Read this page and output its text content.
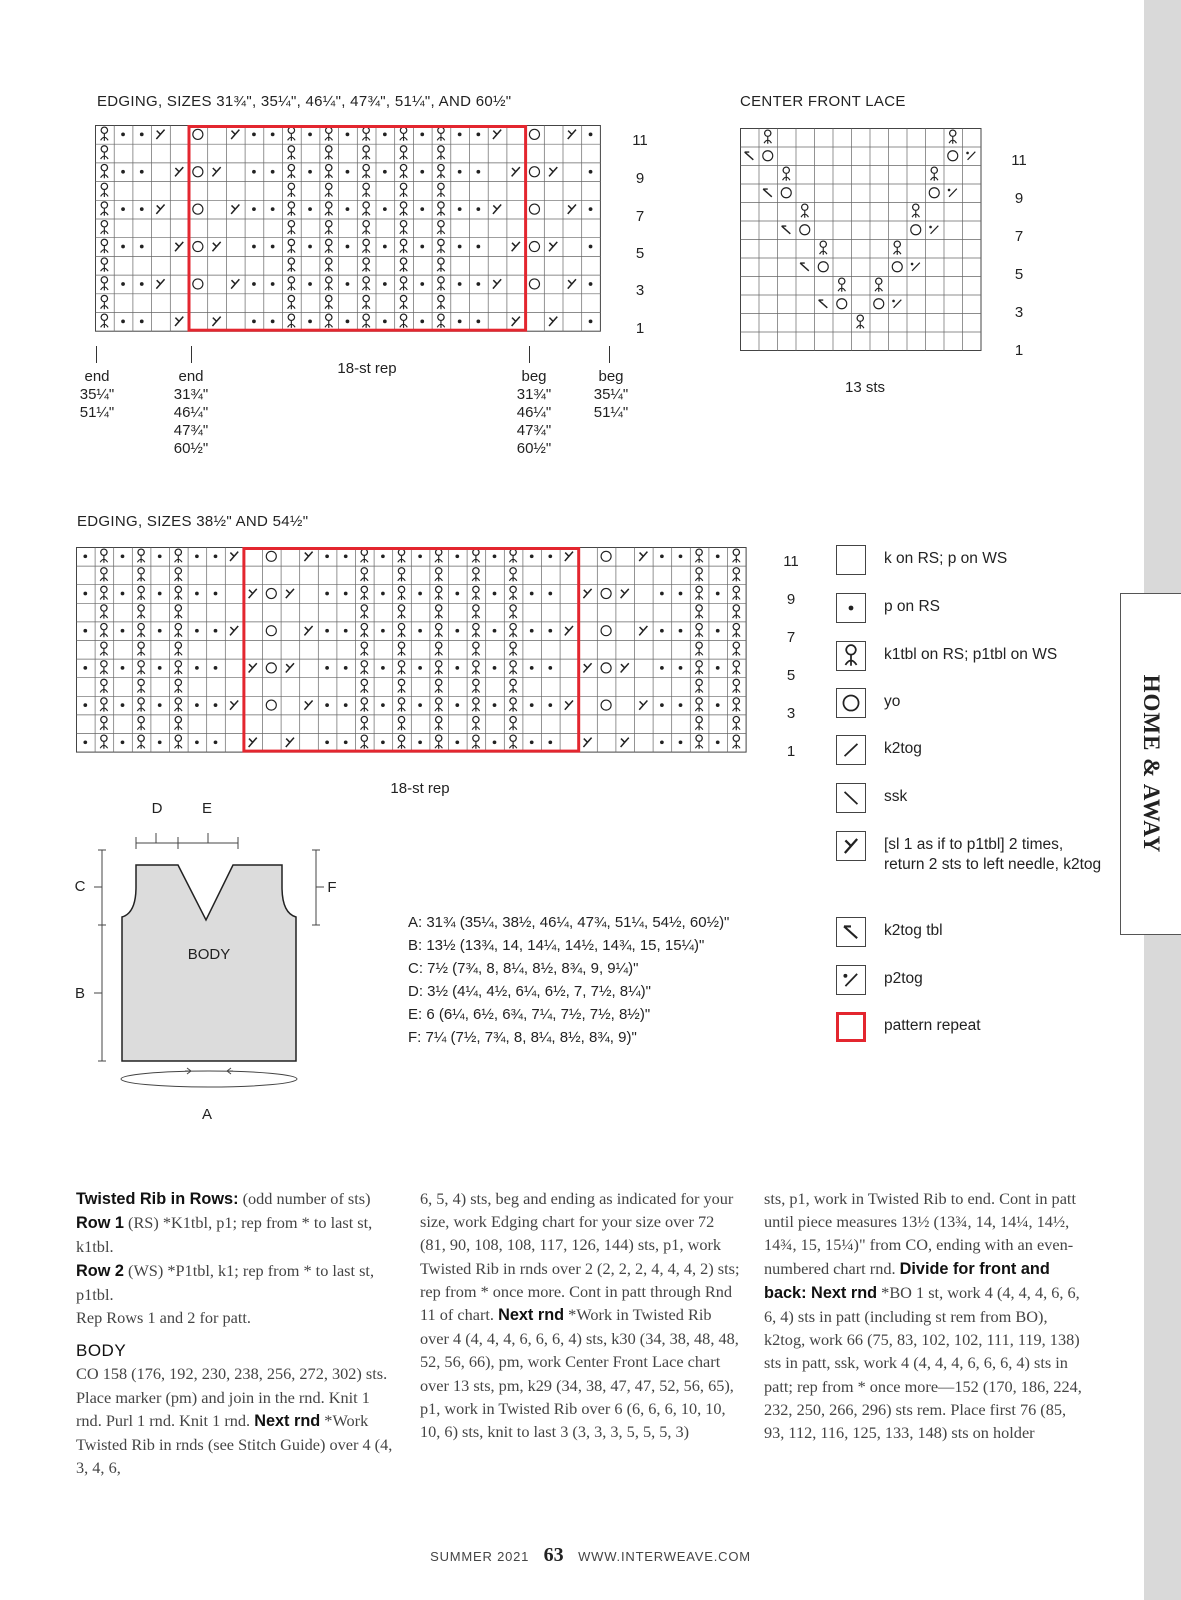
HOME & AWAY
EDGING, SIZES 31¾", 35¼", 46¼", 47¾", 51¼", AND 60½"
11
9
7
5
3
1
end
35¼"
51¼"
end
31¾"
46¼"
47¾"
60½"
18-st rep	beg
31¾"
46¼"
47¾"
60½"
beg
35¼"
51¼"
CENTER FRONT LACE
11
9
7
5
3
1
13 sts
EDGING, SIZES 38½" AND 54½"
11
9
7
5
3
1
18-st rep
k on RS; p on WS
p on RS
k1tbl on RS; p1tbl on WS
yo
k2tog
ssk
[sl 1 as if to p1tbl] 2 times, return 2 sts to left needle, k2tog
k2tog tbl
p2tog
pattern repeat
D	E
C	F
B
A
BODY
A: 31¾ (35¼, 38½, 46¼, 47¾, 51¼, 54½, 60½)"
B: 13½ (13¾, 14, 14¼, 14½, 14¾, 15, 15¼)"
C: 7½ (7¾, 8, 8¼, 8½, 8¾, 9, 9¼)"
D: 3½ (4¼, 4½, 6¼, 6½, 7, 7½, 8¼)"
E: 6 (6¼, 6½, 6¾, 7¼, 7½, 7½, 8½)"
F: 7¼ (7½, 7¾, 8, 8¼, 8½, 8¾, 9)"

Twisted Rib in Rows: (odd number of sts)

Row 1 (RS) *K1tbl, p1; rep from * to last st, k1tbl.

Row 2 (WS) *P1tbl, k1; rep from * to last st, p1tbl.

Rep Rows 1 and 2 for patt.

BODY

CO 158 (176, 192, 230, 238, 256, 272, 302) sts. Place marker (pm) and join in the rnd. Knit 1 rnd. Purl 1 rnd. Knit 1 rnd. Next rnd *Work Twisted Rib in rnds (see Stitch Guide) over 4 (4, 3, 4, 6,

6, 5, 4) sts, beg and ending as indicated for your size, work Edging chart for your size over 72 (81, 90, 108, 108, 117, 126, 144) sts, p1, work Twisted Rib in rnds over 2 (2, 2, 2, 4, 4, 4, 2) sts; rep from * once more. Cont in patt through Rnd 11 of chart. Next rnd *Work in Twisted Rib over 4 (4, 4, 4, 6, 6, 6, 4) sts, k30 (34, 38, 48, 48, 52, 56, 66), pm, work Center Front Lace chart over 13 sts, pm, k29 (34, 38, 47, 47, 52, 56, 65), p1, work in Twisted Rib over 6 (6, 6, 6, 10, 10, 10, 6) sts, knit to last 3 (3, 3, 3, 5, 5, 5, 3)

sts, p1, work in Twisted Rib to end. Cont in patt until piece measures 13½ (13¾, 14, 14¼, 14½, 14¾, 15, 15¼)" from CO, ending with an even-numbered chart rnd. Divide for front and back: Next rnd *BO 1 st, work 4 (4, 4, 4, 6, 6, 6, 4) sts in patt (including st rem from BO), k2tog, work 66 (75, 83, 102, 102, 111, 119, 138) sts in patt, ssk, work 4 (4, 4, 4, 6, 6, 6, 4) sts in patt; rep from * once more—152 (170, 186, 224, 232, 250, 266, 296) sts rem. Place first 76 (85, 93, 112, 116, 125, 133, 148) sts on holder

SUMMER 2021 63 WWW.INTERWEAVE.COM
